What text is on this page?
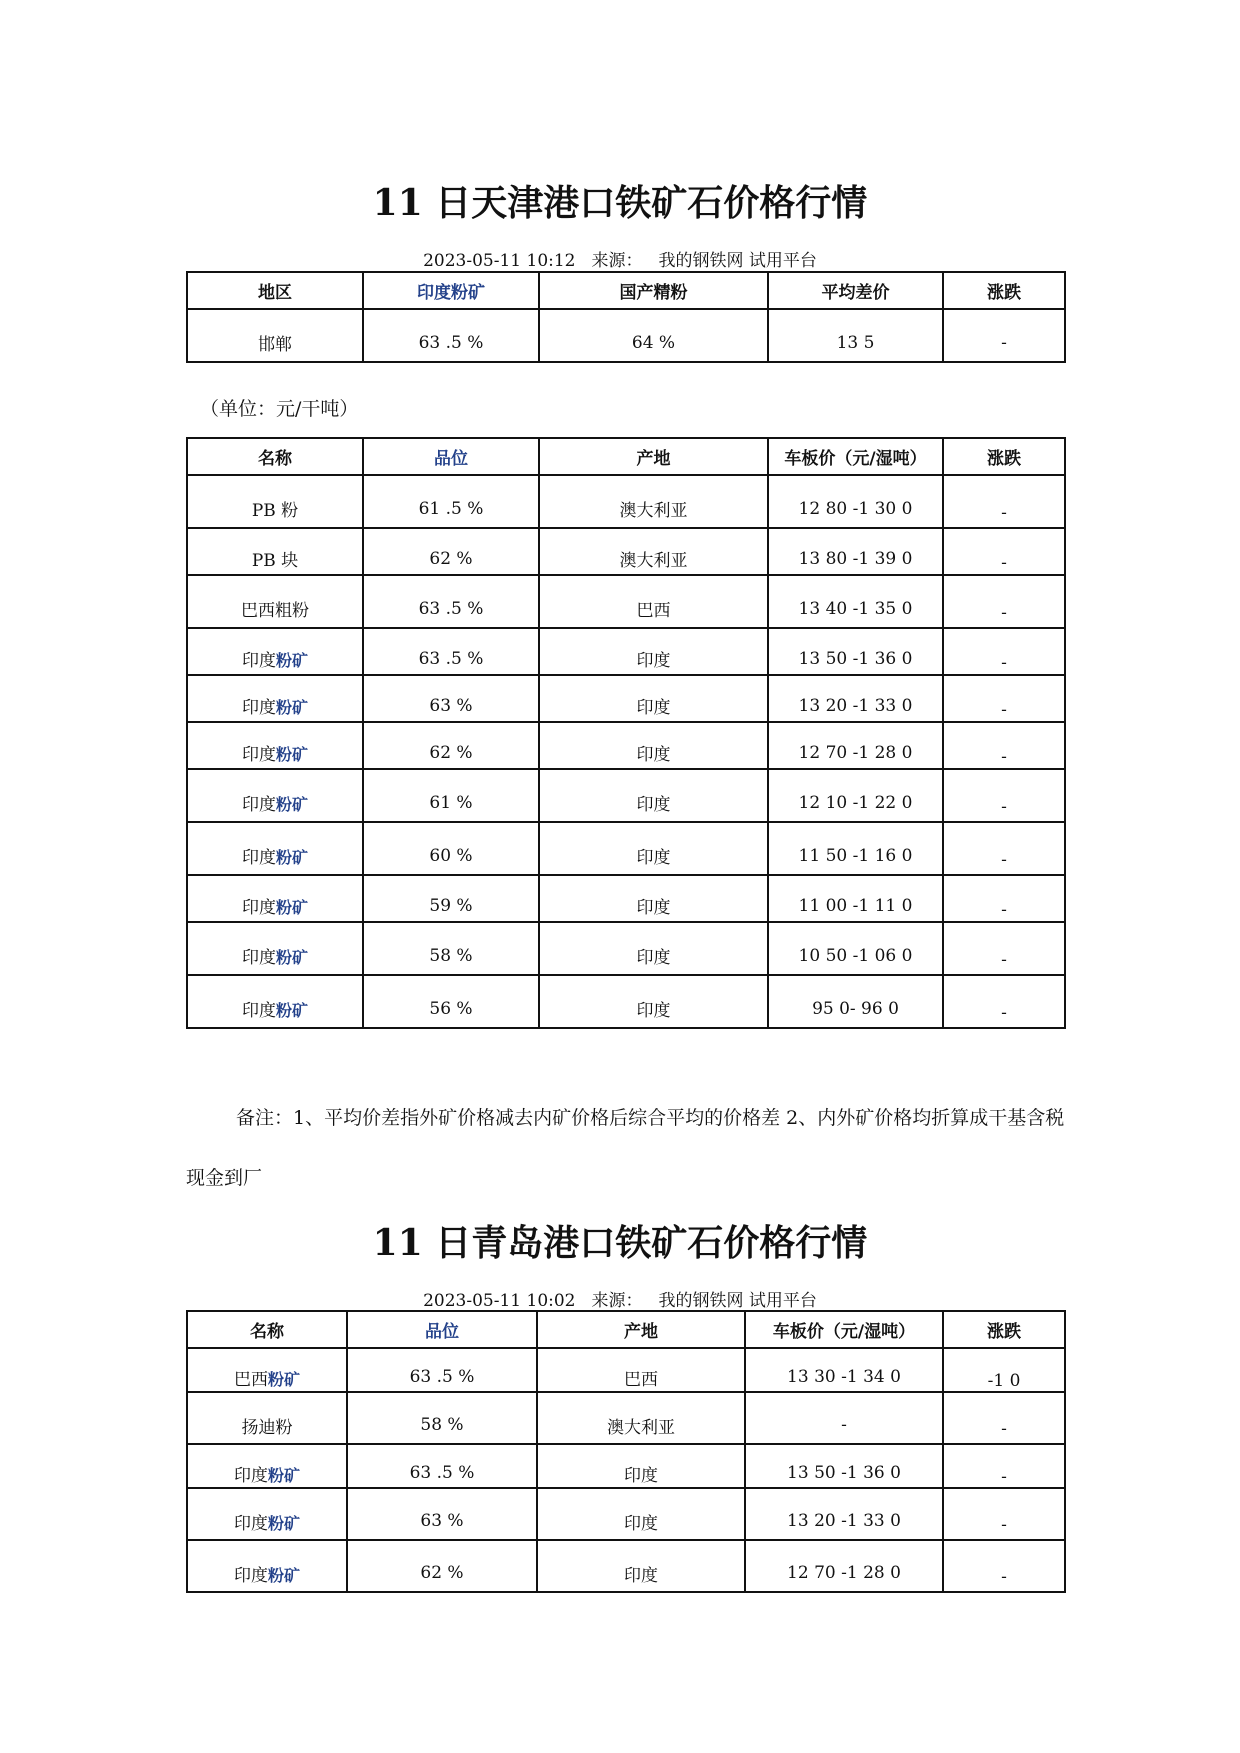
11 日天津港口铁矿石价格行情
2023-05-11 10:12 来源： 我的钢铁网 试用平台
地区	印度粉矿	国产精粉	平均差价	涨跌
邯郸	63 .5 %	64 %	13 5	-
（单位：元/干吨）
名称	品位	产地	车板价（元/湿吨）	涨跌
PB 粉	61 .5 %	澳大利亚	12 80 -1 30 0	-
PB 块	62 %	澳大利亚	13 80 -1 39 0	-
巴西粗粉	63 .5 %	巴西	13 40 -1 35 0	-
印度粉矿	63 .5 %	印度	13 50 -1 36 0	-
印度粉矿	63 %	印度	13 20 -1 33 0	-
印度粉矿	62 %	印度	12 70 -1 28 0	-
印度粉矿	61 %	印度	12 10 -1 22 0	-
印度粉矿	60 %	印度	11 50 -1 16 0	-
印度粉矿	59 %	印度	11 00 -1 11 0	-
印度粉矿	58 %	印度	10 50 -1 06 0	-
印度粉矿	56 %	印度	95 0- 96 0	-
备注：1、平均价差指外矿价格减去内矿价格后综合平均的价格差 2、内外矿价格均折算成干基含税现金到厂
11 日青岛港口铁矿石价格行情
2023-05-11 10:02 来源： 我的钢铁网 试用平台
名称	品位	产地	车板价（元/湿吨）	涨跌
巴西粉矿	63 .5 %	巴西	13 30 -1 34 0	-1 0
扬迪粉	58 %	澳大利亚	-	-
印度粉矿	63 .5 %	印度	13 50 -1 36 0	-
印度粉矿	63 %	印度	13 20 -1 33 0	-
印度粉矿	62 %	印度	12 70 -1 28 0	-
